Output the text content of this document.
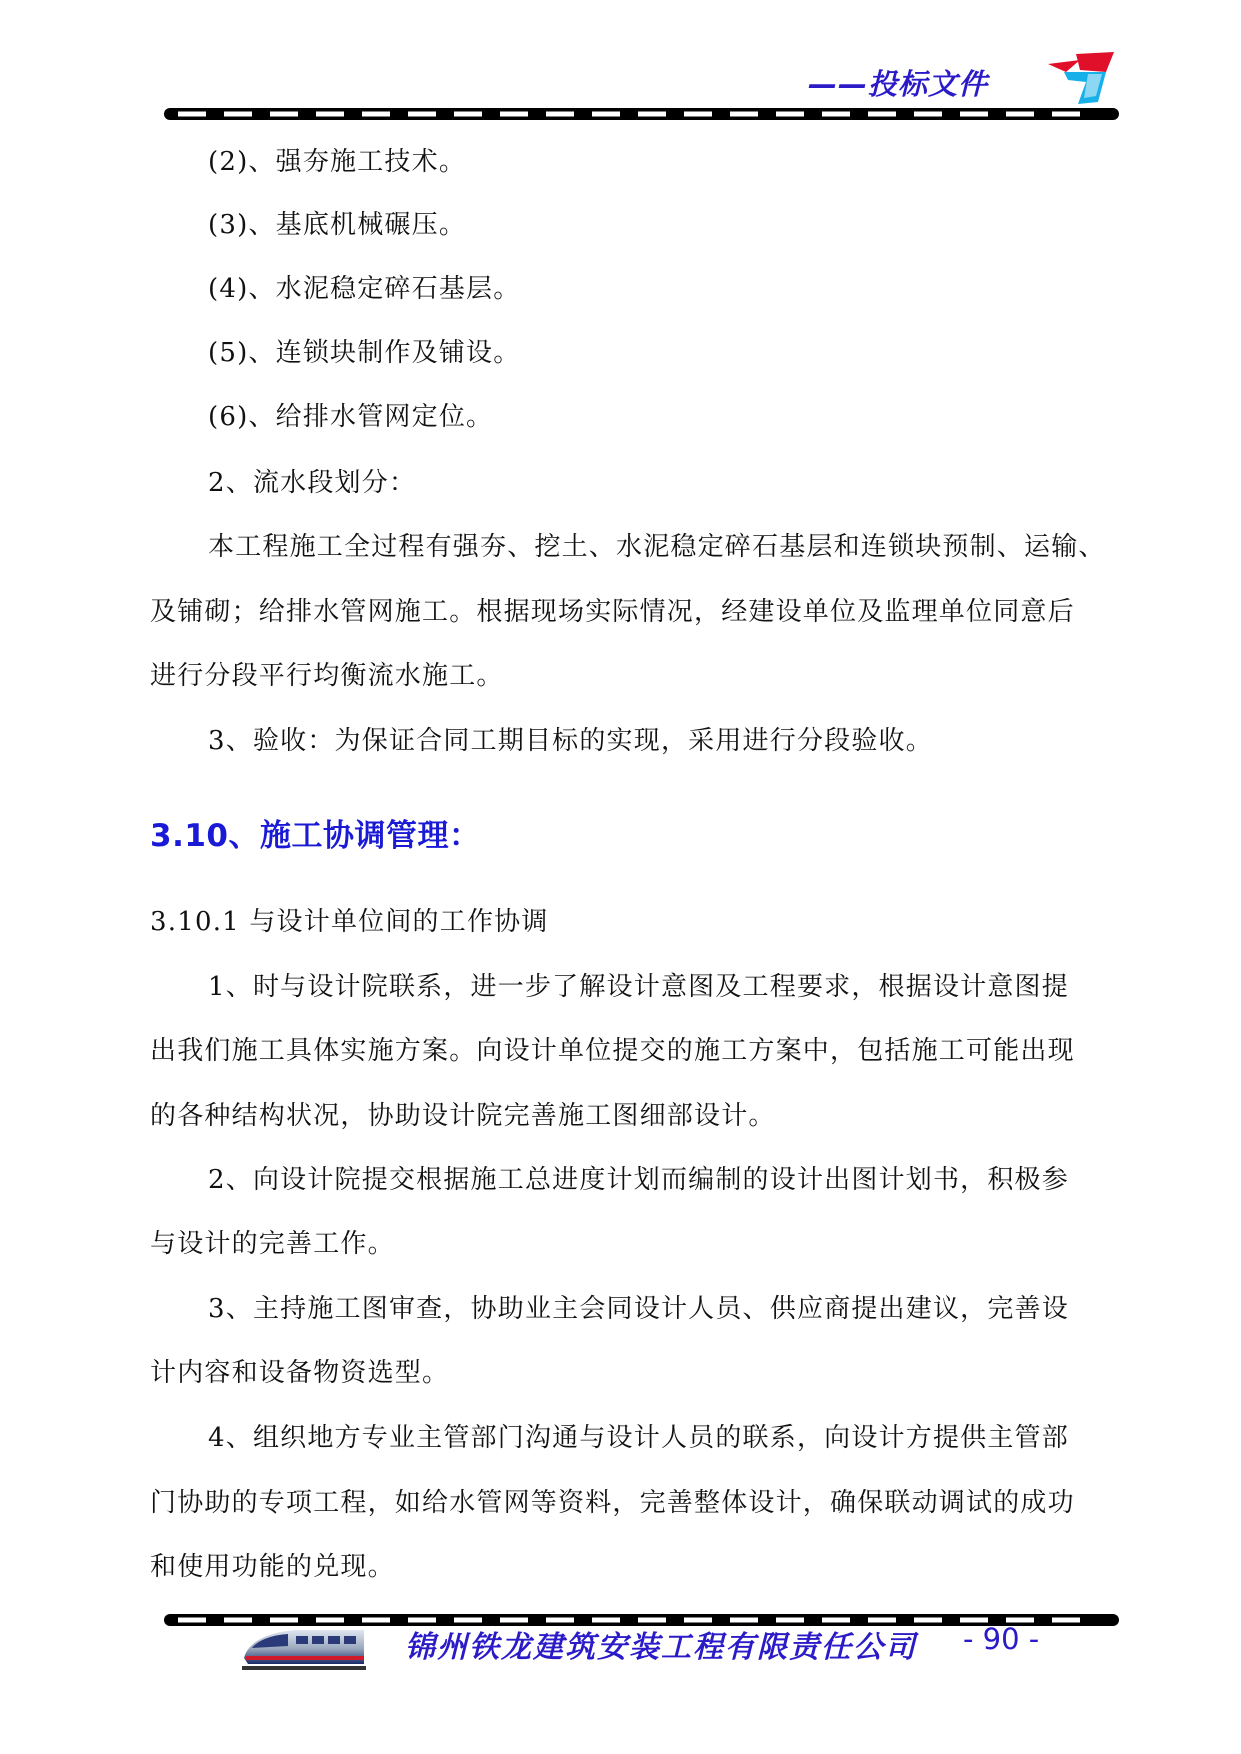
——投标文件
(2)、强夯施工技术。
(3)、基底机械碾压。
(4)、水泥稳定碎石基层。
(5)、连锁块制作及铺设。
(6)、给排水管网定位。
2、流水段划分：
本工程施工全过程有强夯、挖土、水泥稳定碎石基层和连锁块预制、运输、
及铺砌；给排水管网施工。根据现场实际情况，经建设单位及监理单位同意后
进行分段平行均衡流水施工。
3、验收：为保证合同工期目标的实现，采用进行分段验收。
3.10、施工协调管理：
3.10.1 与设计单位间的工作协调
1、时与设计院联系，进一步了解设计意图及工程要求，根据设计意图提
出我们施工具体实施方案。向设计单位提交的施工方案中，包括施工可能出现
的各种结构状况，协助设计院完善施工图细部设计。
2、向设计院提交根据施工总进度计划而编制的设计出图计划书，积极参
与设计的完善工作。
3、主持施工图审查，协助业主会同设计人员、供应商提出建议，完善设
计内容和设备物资选型。
4、组织地方专业主管部门沟通与设计人员的联系，向设计方提供主管部
门协助的专项工程，如给水管网等资料，完善整体设计，确保联动调试的成功
和使用功能的兑现。
锦州铁龙建筑安装工程有限责任公司 - 90 -
